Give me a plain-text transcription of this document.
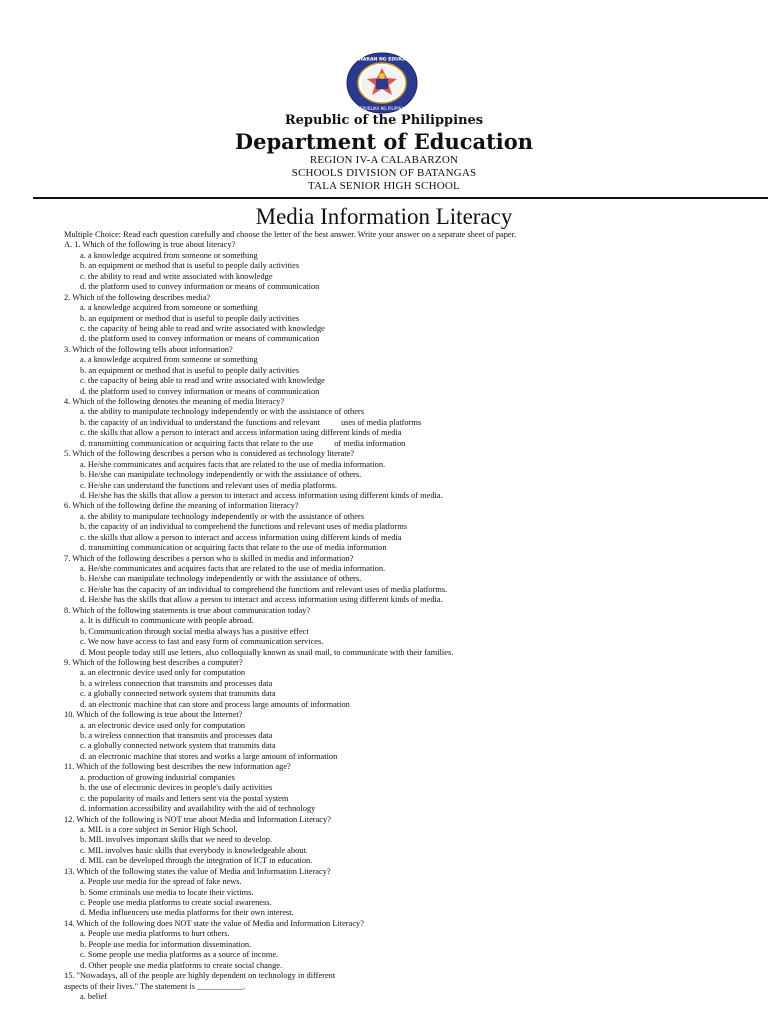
KAGAWARAN NG EDUKASYON
REPUBLIKA NG PILIPINAS
Republic of the Philippines
Department of Education
REGION IV-A CALABARZON
SCHOOLS DIVISION OF BATANGAS
TALA SENIOR HIGH SCHOOL
Media Information Literacy
Multiple Choice: Read each question carefully and choose the letter of the best answer. Write your answer on a separate sheet of paper.
A. 1. Which of the following is true about literacy?
a. a knowledge acquired from someone or something
b. an equipment or method that is useful to people daily activities
c. the ability to read and write associated with knowledge
d. the platform used to convey information or means of communication
2. Which of the following describes media?
a. a knowledge acquired from someone or something
b. an equipment or method that is useful to people daily activities
c. the capacity of being able to read and write associated with knowledge
d. the platform used to convey information or means of communication
3. Which of the following tells about information?
a. a knowledge acquired from someone or something
b. an equipment or method that is useful to people daily activities
c. the capacity of being able to read and write associated with knowledge
d. the platform used to convey information or means of communication
4. Which of the following denotes the meaning of media literacy?
a. the ability to manipulate technology independently or with the assistance of others
b. the capacity of an individual to understand the functions and relevant          uses of media platforms
c. the skills that allow a person to interact and access information using different kinds of media
d. transmitting communication or acquiring facts that relate to the use          of media information
5. Which of the following describes a person who is considered as technology literate?
a. He/she communicates and acquires facts that are related to the use of media information.
b. He/she can manipulate technology independently or with the assistance of others.
c. He/she can understand the functions and relevant uses of media platforms.
d. He/she has the skills that allow a person to interact and access information using different kinds of media.
6. Which of the following define the meaning of information literacy?
a. the ability to manipulate technology independently or with the assistance of others
b. the capacity of an individual to comprehend the functions and relevant uses of media platforms
c. the skills that allow a person to interact and access information using different kinds of media
d. transmitting communication or acquiring facts that relate to the use of media information
7. Which of the following describes a person who is skilled in media and information?
a. He/she communicates and acquires facts that are related to the use of media information.
b. He/she can manipulate technology independently or with the assistance of others.
c. He/she has the capacity of an individual to comprehend the functions and relevant uses of media platforms.
d. He/she has the skills that allow a person to interact and access information using different kinds of media.
8. Which of the following statements is true about communication today?
a. It is difficult to communicate with people abroad.
b. Communication through social media always has a positive effect
c. We now have access to fast and easy form of communication services.
d. Most people today still use letters, also colloquially known as snail mail, to communicate with their families.
9. Which of the following best describes a computer?
a. an electronic device used only for computation
b. a wireless connection that transmits and processes data
c. a globally connected network system that transmits data
d. an electronic machine that can store and process large amounts of information
10. Which of the following is true about the Internet?
a. an electronic device used only for computation
b. a wireless connection that transmits and processes data
c. a globally connected network system that transmits data
d. an electronic machine that stores and works a large amount of information
11. Which of the following best describes the new information age?
a. production of growing industrial companies
b. the use of electronic devices in people's daily activities
c. the popularity of mails and letters sent via the postal system
d. information accessibility and availability with the aid of technology
12. Which of the following is NOT true about Media and Information Literacy?
a. MIL is a core subject in Senior High School.
b. MIL involves important skills that we need to develop.
c. MIL involves basic skills that everybody is knowledgeable about.
d. MIL can be developed through the integration of ICT in education.
13. Which of the following states the value of Media and Information Literacy?
a. People use media for the spread of fake news.
b. Some criminals use media to locate their victims.
c. People use media platforms to create social awareness.
d. Media influencers use media platforms for their own interest.
14. Which of the following does NOT state the value of Media and Information Literacy?
a. People use media platforms to hurt others.
b. People use media for information dissemination.
c. Some people use media platforms as a source of income.
d. Other people use media platforms to create social change.
15. "Nowadays, all of the people are highly dependent on technology in different
aspects of their lives." The statement is ___________.
a. belief
